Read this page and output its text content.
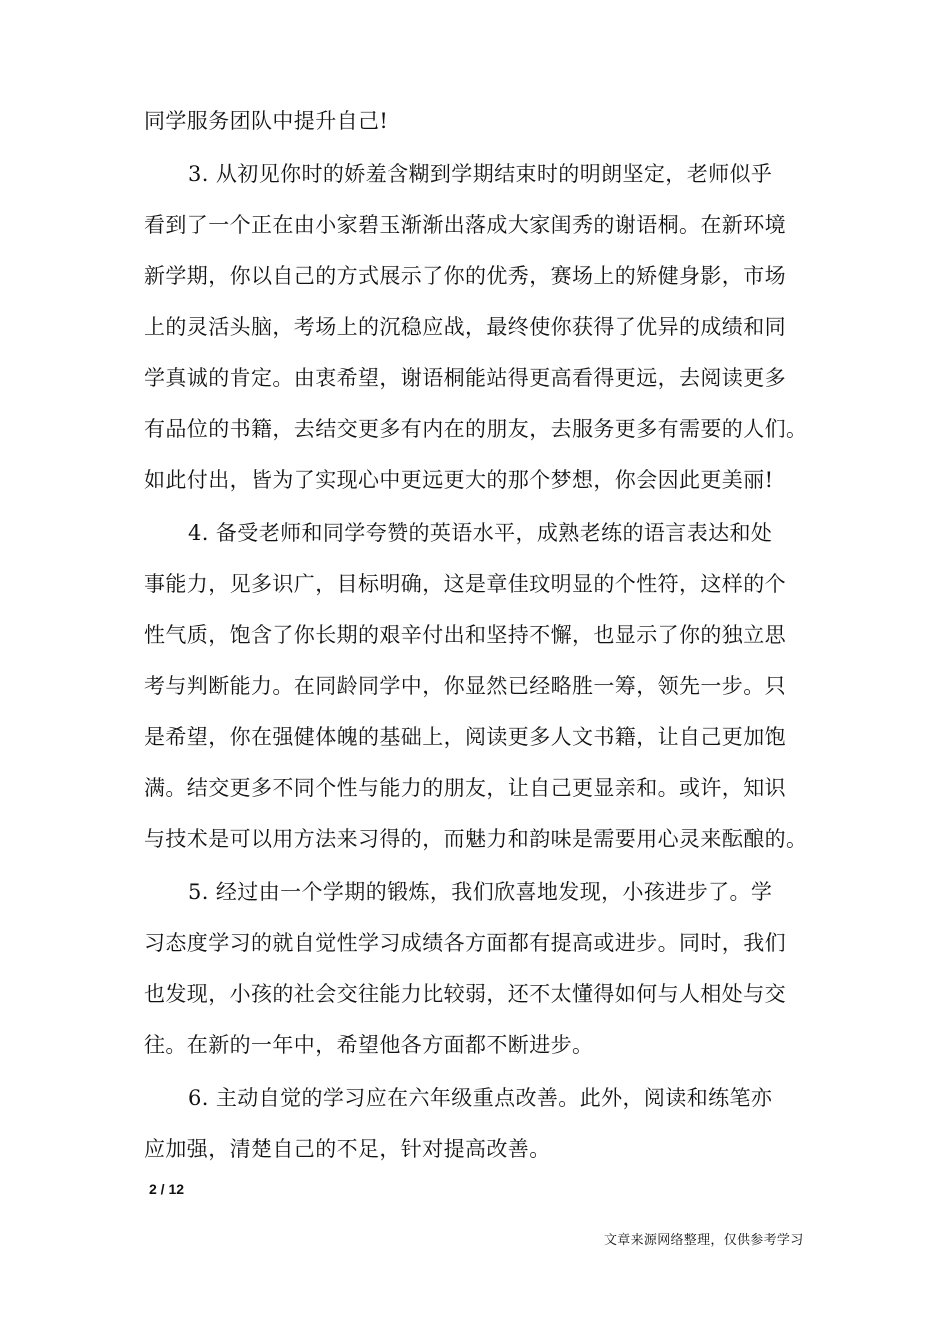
同学服务团队中提升自己!
3. 从初见你时的娇羞含糊到学期结束时的明朗坚定，老师似乎
看到了一个正在由小家碧玉渐渐出落成大家闺秀的谢语桐。在新环境
新学期，你以自己的方式展示了你的优秀，赛场上的矫健身影，市场
上的灵活头脑，考场上的沉稳应战，最终使你获得了优异的成绩和同
学真诚的肯定。由衷希望，谢语桐能站得更高看得更远，去阅读更多
有品位的书籍，去结交更多有内在的朋友，去服务更多有需要的人们。
如此付出，皆为了实现心中更远更大的那个梦想，你会因此更美丽!
4. 备受老师和同学夸赞的英语水平，成熟老练的语言表达和处
事能力，见多识广，目标明确，这是章佳玟明显的个性符，这样的个
性气质，饱含了你长期的艰辛付出和坚持不懈，也显示了你的独立思
考与判断能力。在同龄同学中，你显然已经略胜一筹，领先一步。只
是希望，你在强健体魄的基础上，阅读更多人文书籍，让自己更加饱
满。结交更多不同个性与能力的朋友，让自己更显亲和。或许，知识
与技术是可以用方法来习得的，而魅力和韵味是需要用心灵来酝酿的。
5. 经过由一个学期的锻炼，我们欣喜地发现，小孩进步了。学
习态度学习的就自觉性学习成绩各方面都有提高或进步。同时，我们
也发现，小孩的社会交往能力比较弱，还不太懂得如何与人相处与交
往。在新的一年中，希望他各方面都不断进步。
6. 主动自觉的学习应在六年级重点改善。此外，阅读和练笔亦
应加强，清楚自己的不足，针对提高改善。
2 / 12
文章来源网络整理，仅供参考学习
